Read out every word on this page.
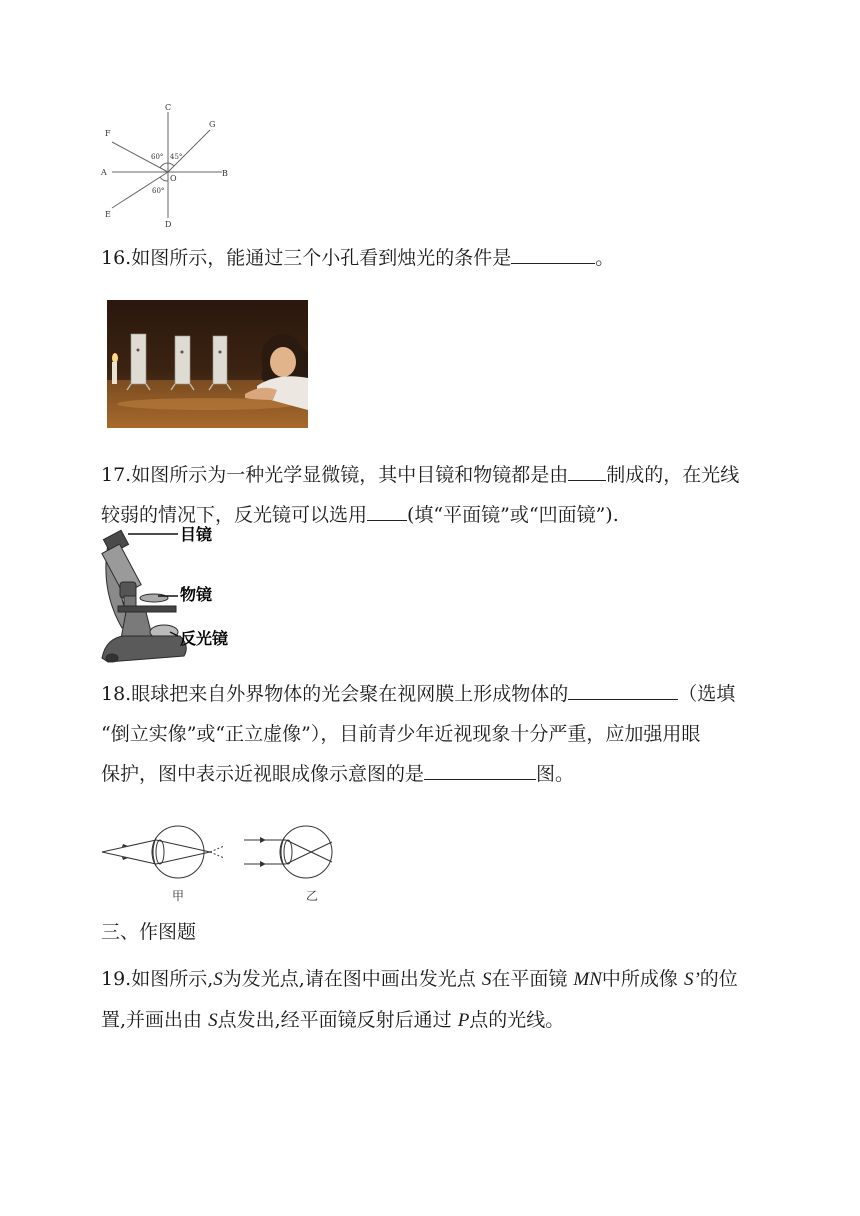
C
G
F
A
O
B
E
D
60° 45°
60°
16.如图所示，能通过三个小孔看到烛光的条件是	。
17.如图所示为一种光学显微镜，其中目镜和物镜都是由 制成的，在光线
较弱的情况下，反光镜可以选用 (填“平面镜”或“凹面镜”).
目镜
物镜
反光镜
18.眼球把来自外界物体的光会聚在视网膜上形成物体的	（选填
“倒立实像”或“正立虚像”），目前青少年近视现象十分严重，应加强用眼
保护，图中表示近视眼成像示意图的是	图。
甲	乙
三、作图题
19.如图所示,S为发光点,请在图中画出发光点 S在平面镜 MN中所成像 S’的位
置,并画出由 S点发出,经平面镜反射后通过 P点的光线。
